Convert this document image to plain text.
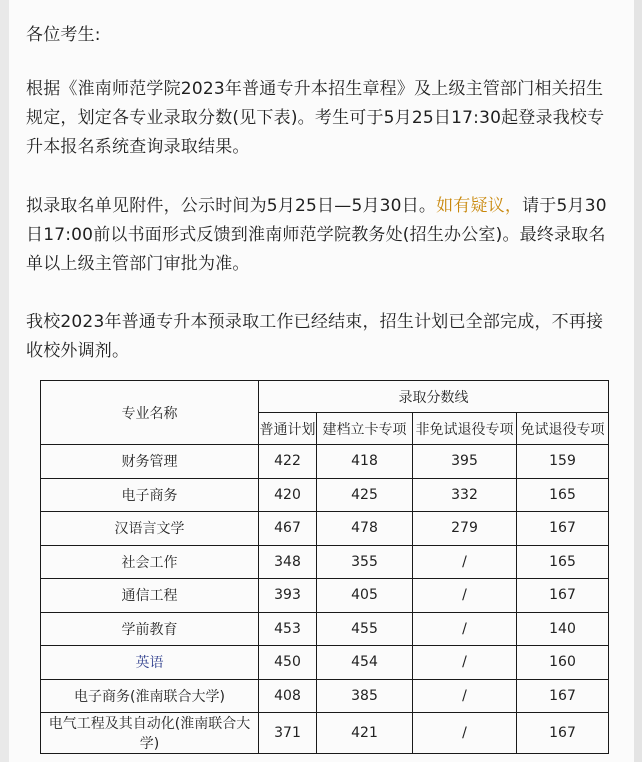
各位考生:

根据《淮南师范学院2023年普通专升本招生章程》及上级主管部门相关招生规定，划定各专业录取分数(见下表)。考生可于5月25日17:30起登录我校专升本报名系统查询录取结果。

拟录取名单见附件，公示时间为5月25日—5月30日。如有疑议，请于5月30日17:00前以书面形式反馈到淮南师范学院教务处(招生办公室)。最终录取名单以上级主管部门审批为准。

我校2023年普通专升本预录取工作已经结束，招生计划已全部完成，不再接收校外调剂。

专业名称	录取分数线			
	普通计划	建档立卡专项	非免试退役专项	免试退役专项
财务管理	422	418	395	159
电子商务	420	425	332	165
汉语言文学	467	478	279	167
社会工作	348	355	/	165
通信工程	393	405	/	167
学前教育	453	455	/	140
英语	450	454	/	160
电子商务(淮南联合大学)	408	385	/	167
电气工程及其自动化(淮南联合大学)	371	421	/	167
